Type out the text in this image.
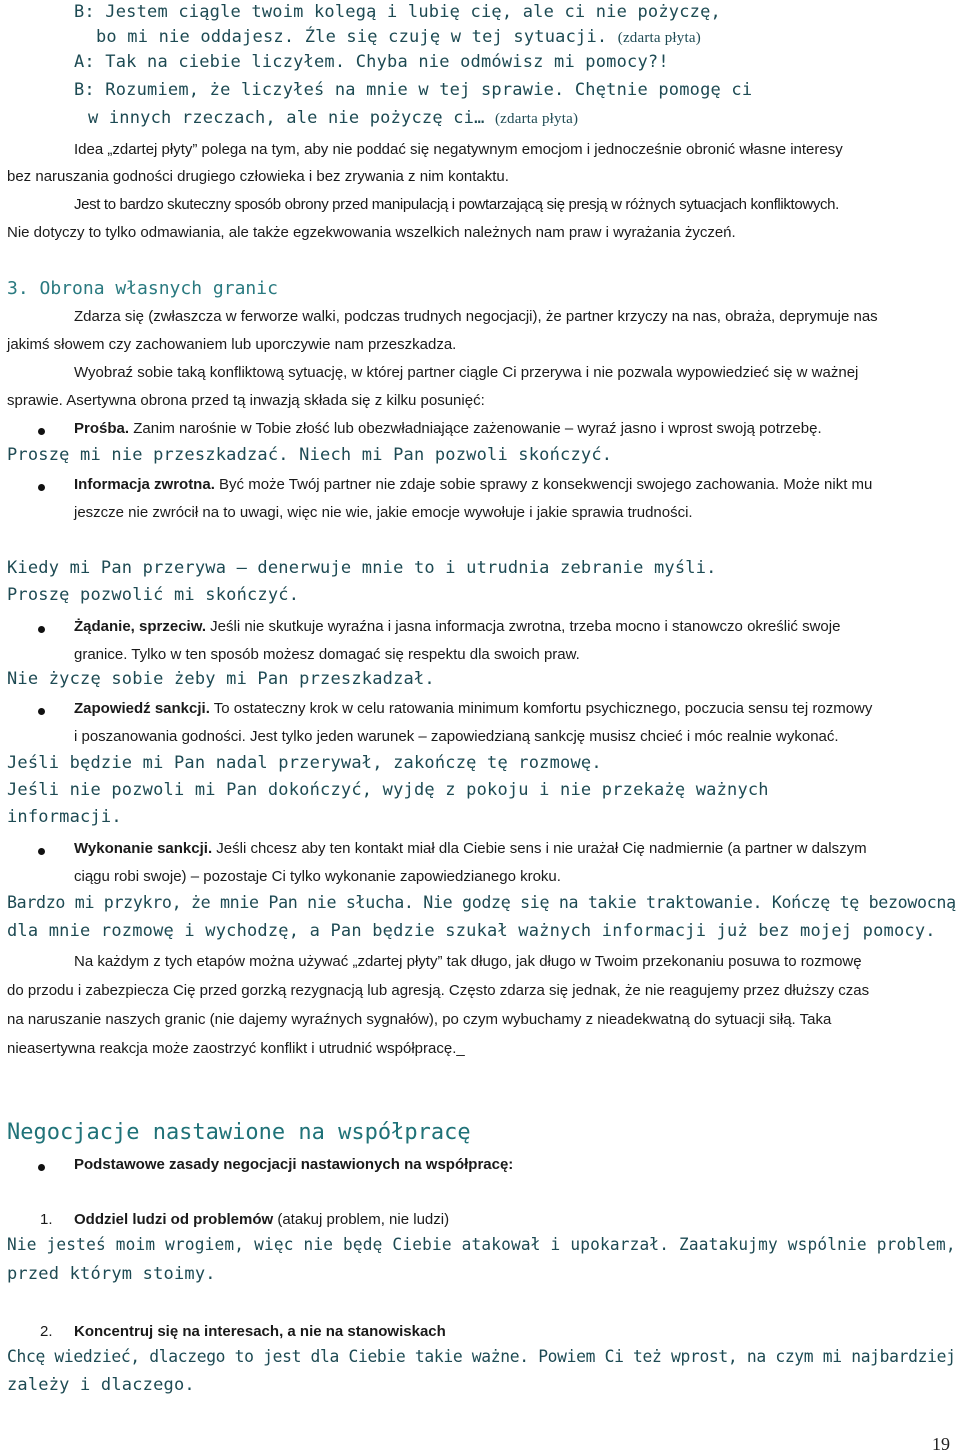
B: Jestem ciągle twoim kolegą i lubię cię, ale ci nie pożyczę,
bo mi nie oddajesz. Źle się czuję w tej sytuacji. (zdarta płyta)
A: Tak na ciebie liczyłem. Chyba nie odmówisz mi pomocy?!
B: Rozumiem, że liczyłeś na mnie w tej sprawie. Chętnie pomogę ci
w innych rzeczach, ale nie pożyczę ci… (zdarta płyta)
Idea „zdartej płyty” polega na tym, aby nie poddać się negatywnym emocjom i jednocześnie obronić własne interesy
bez naruszania godności drugiego człowieka i bez zrywania z nim kontaktu.
Jest to bardzo skuteczny sposób obrony przed manipulacją i powtarzającą się presją w różnych sytuacjach konfliktowych.
Nie dotyczy to tylko odmawiania, ale także egzekwowania wszelkich należnych nam praw i wyrażania życzeń.
3. Obrona własnych granic
Zdarza się (zwłaszcza w ferworze walki, podczas trudnych negocjacji), że partner krzyczy na nas, obraża, deprymuje nas
jakimś słowem czy zachowaniem lub uporczywie nam przeszkadza.
Wyobraź sobie taką konfliktową sytuację, w której partner ciągle Ci przerywa i nie pozwala wypowiedzieć się w ważnej
sprawie. Asertywna obrona przed tą inwazją składa się z kilku posunięć:
Prośba. Zanim narośnie w Tobie złość lub obezwładniające zażenowanie – wyraź jasno i wprost swoją potrzebę.
Proszę mi nie przeszkadzać. Niech mi Pan pozwoli skończyć.
Informacja zwrotna. Być może Twój partner nie zdaje sobie sprawy z konsekwencji swojego zachowania. Może nikt mu
jeszcze nie zwrócił na to uwagi, więc nie wie, jakie emocje wywołuje i jakie sprawia trudności.
Kiedy mi Pan przerywa – denerwuje mnie to i utrudnia zebranie myśli.
Proszę pozwolić mi skończyć.
Żądanie, sprzeciw. Jeśli nie skutkuje wyraźna i jasna informacja zwrotna, trzeba mocno i stanowczo określić swoje
granice. Tylko w ten sposób możesz domagać się respektu dla swoich praw.
Nie życzę sobie żeby mi Pan przeszkadzał.
Zapowiedź sankcji. To ostateczny krok w celu ratowania minimum komfortu psychicznego, poczucia sensu tej rozmowy
i poszanowania godności. Jest tylko jeden warunek – zapowiedzianą sankcję musisz chcieć i móc realnie wykonać.
Jeśli będzie mi Pan nadal przerywał, zakończę tę rozmowę.
Jeśli nie pozwoli mi Pan dokończyć, wyjdę z pokoju i nie przekażę ważnych
informacji.
Wykonanie sankcji. Jeśli chcesz aby ten kontakt miał dla Ciebie sens i nie urażał Cię nadmiernie (a partner w dalszym
ciągu robi swoje) – pozostaje Ci tylko wykonanie zapowiedzianego kroku.
Bardzo mi przykro, że mnie Pan nie słucha. Nie godzę się na takie traktowanie. Kończę tę bezowocną
dla mnie rozmowę i wychodzę, a Pan będzie szukał ważnych informacji już bez mojej pomocy.
Na każdym z tych etapów można używać „zdartej płyty” tak długo, jak długo w Twoim przekonaniu posuwa to rozmowę
do przodu i zabezpiecza Cię przed gorzką rezygnacją lub agresją. Często zdarza się jednak, że nie reagujemy przez dłuższy czas
na naruszanie naszych granic (nie dajemy wyraźnych sygnałów), po czym wybuchamy z nieadekwatną do sytuacji siłą. Taka
nieasertywna reakcja może zaostrzyć konflikt i utrudnić współpracę._
Negocjacje nastawione na współpracę
Podstawowe zasady negocjacji nastawionych na współpracę:
1. Oddziel ludzi od problemów (atakuj problem, nie ludzi)
Nie jesteś moim wrogiem, więc nie będę Ciebie atakował i upokarzał. Zaatakujmy wspólnie problem,
przed którym stoimy.
2. Koncentruj się na interesach, a nie na stanowiskach
Chcę wiedzieć, dlaczego to jest dla Ciebie takie ważne. Powiem Ci też wprost, na czym mi najbardziej
zależy i dlaczego.
19
